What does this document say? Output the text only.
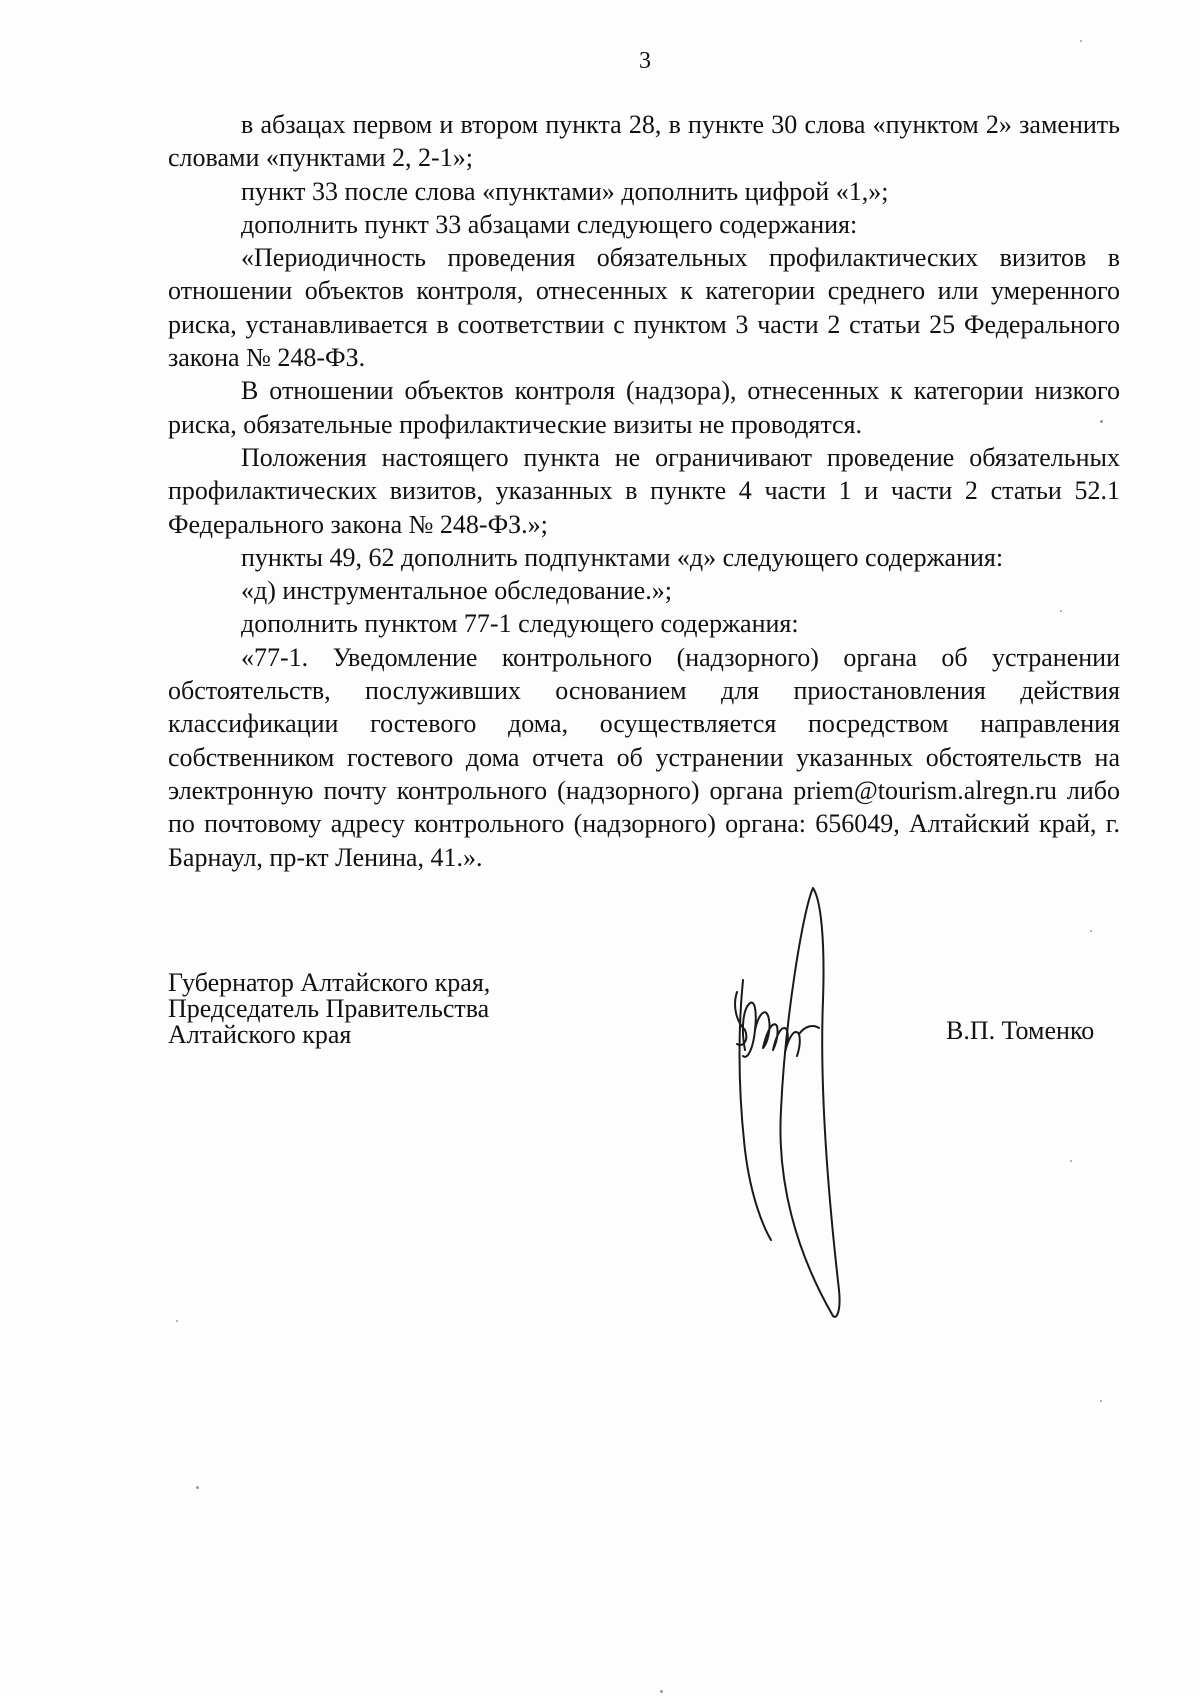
3

в абзацах первом и втором пункта 28, в пункте 30 слова «пунктом 2» заменить словами «пунктами 2, 2-1»;

пункт 33 после слова «пунктами» дополнить цифрой «1,»;

дополнить пункт 33 абзацами следующего содержания:

«Периодичность проведения обязательных профилактических визитов в отношении объектов контроля, отнесенных к категории среднего или умеренного риска, устанавливается в соответствии с пунктом 3 части 2 статьи 25 Федерального закона № 248-ФЗ.

В отношении объектов контроля (надзора), отнесенных к категории низкого риска, обязательные профилактические визиты не проводятся.

Положения настоящего пункта не ограничивают проведение обязательных профилактических визитов, указанных в пункте 4 части 1 и части 2 статьи 52.1 Федерального закона № 248-ФЗ.»;

пункты 49, 62 дополнить подпунктами «д» следующего содержания:

«д) инструментальное обследование.»;

дополнить пунктом 77-1 следующего содержания:

«77-1. Уведомление контрольного (надзорного) органа об устранении обстоятельств, послуживших основанием для приостановления действия классификации гостевого дома, осуществляется посредством направления собственником гостевого дома отчета об устранении указанных обстоятельств на электронную почту контрольного (надзорного) органа priem@tourism.alregn.ru либо по почтовому адресу контрольного (надзорного) органа: 656049, Алтайский край, г. Барнаул, пр-кт Ленина, 41.».

Губернатор Алтайского края,
Председатель Правительства
Алтайского края	В.П. Томенко
